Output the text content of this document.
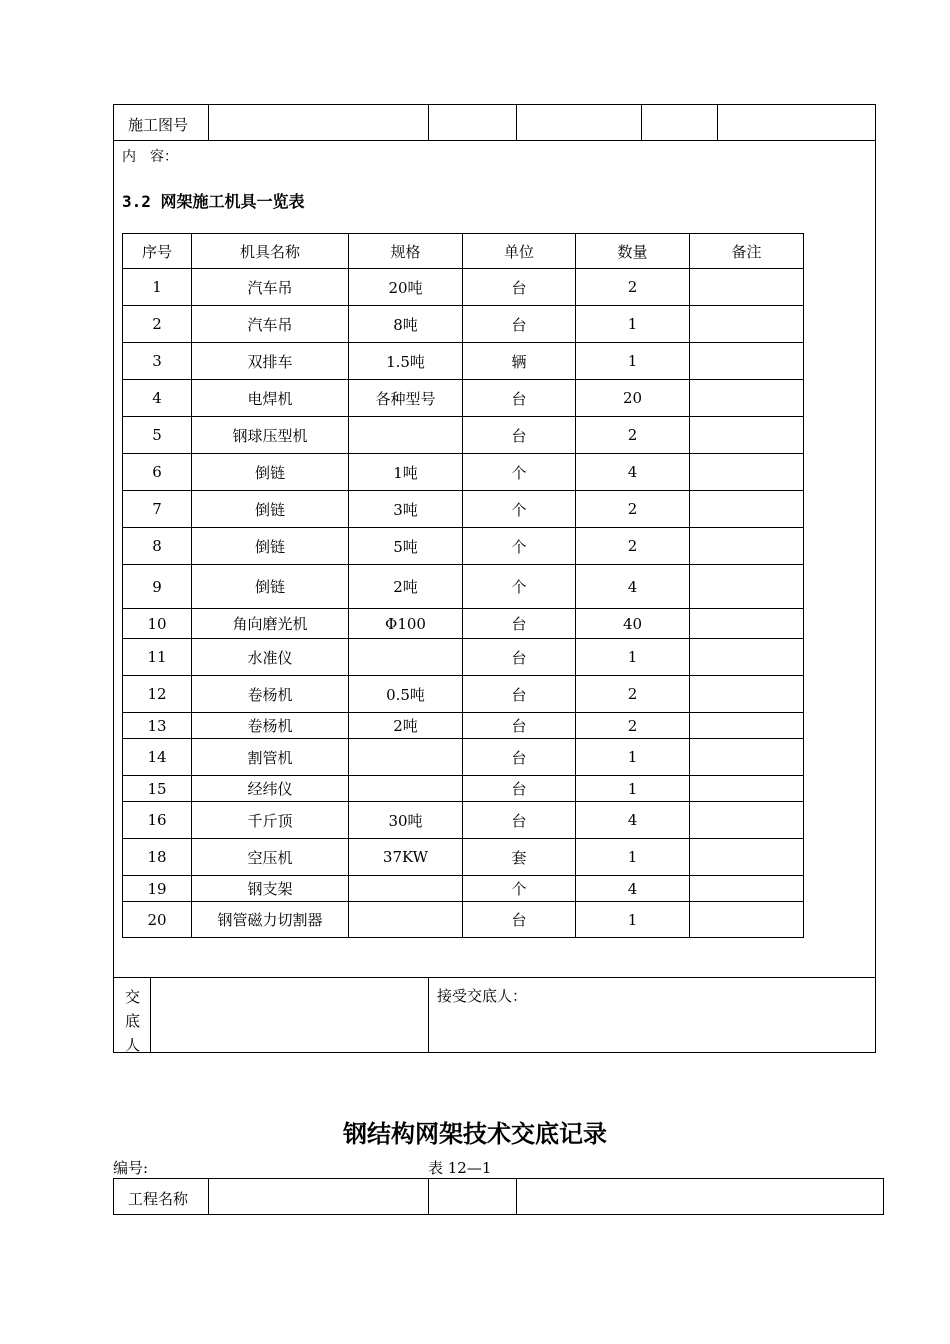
施工图号
内　容：
3.2 网架施工机具一览表
序号	机具名称	规格	单位	数量	备注
1	汽车吊	20吨	台	2	
2	汽车吊	8吨	台	1	
3	双排车	1.5吨	辆	1	
4	电焊机	各种型号	台	20	
5	钢球压型机		台	2	
6	倒链	1吨	个	4	
7	倒链	3吨	个	2	
8	倒链	5吨	个	2	
9	倒链	2吨	个	4	
10	角向磨光机	Φ100	台	40	
11	水准仪		台	1	
12	卷杨机	0.5吨	台	2	
13	卷杨机	2吨	台	2	
14	割管机		台	1	
15	经纬仪		台	1	
16	千斤顶	30吨	台	4	
18	空压机	37KW	套	1	
19	钢支架		个	4	
20	钢管磁力切割器		台	1	
交
底
人
接受交底人：
钢结构网架技术交底记录
编号:	表 12—1
工程名称
